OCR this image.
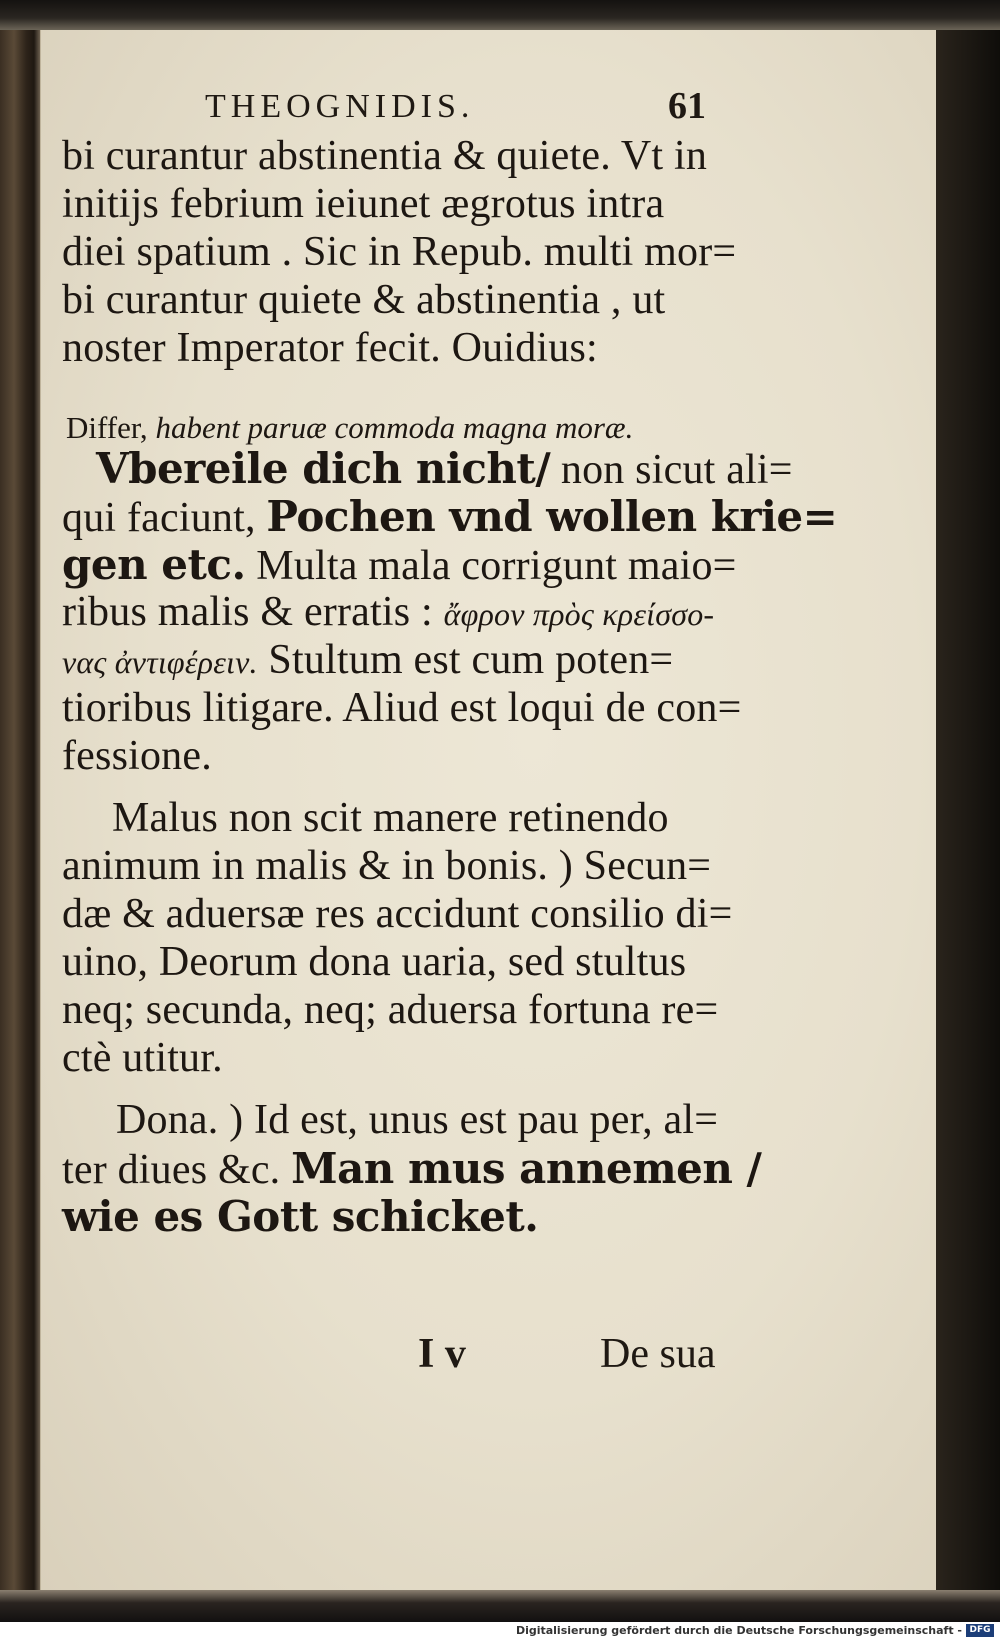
THEOGNIDIS.	61
bi curantur abstinentia & quiete. Vt in
initijs febrium ieiunet ægrotus intra
diei spatium . Sic in Repub. multi mor=
bi curantur quiete & abstinentia , ut
noster Imperator fecit. Ouidius:
Differ, habent paruæ commoda magna moræ.
Vbereile dich nicht/ non sicut ali=
qui faciunt, Pochen vnd wollen krie=
gen etc. Multa mala corrigunt maio=
ribus malis & erratis : ἄφρον πρὸς κρείσσο-
νας ἀντιφέρειν. Stultum est cum poten=
tioribus litigare. Aliud est loqui de con=
fessione.
Malus non scit manere retinendo
animum in malis & in bonis. ) Secun=
dæ & aduersæ res accidunt consilio di=
uino, Deorum dona uaria, sed stultus
neq; secunda, neq; aduersa fortuna re=
ctè utitur.
Dona. ) Id est, unus est pau per, al=
ter diues &c. Man mus annemen /
wie es Gott schicket.
I v	De sua
Digitalisierung gefördert durch die Deutsche Forschungsgemeinschaft - DFG
